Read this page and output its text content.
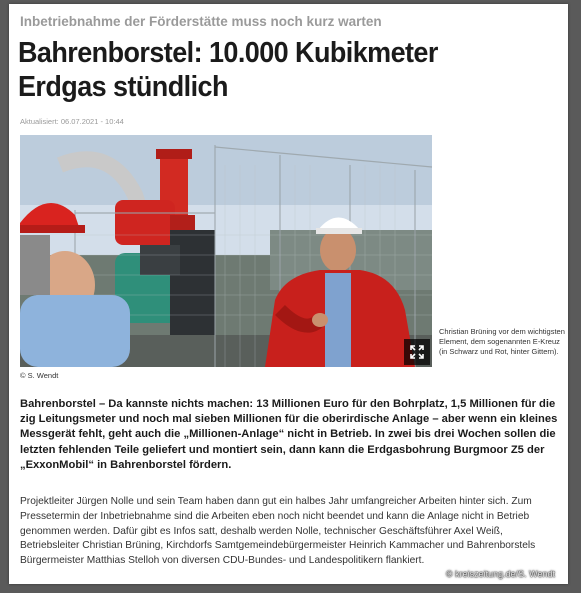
Inbetriebnahme der Förderstätte muss noch kurz warten
Bahrenborstel: 10.000 Kubikmeter Erdgas stündlich
Aktualisiert: 06.07.2021 - 10:44
© S. Wendt
Christian Brüning vor dem wichtigsten Element, dem sogenannten E-Kreuz (in Schwarz und Rot, hinter Gittern).

Bahrenborstel – Da kannste nichts machen: 13 Millionen Euro für den Bohrplatz, 1,5 Millionen für die zig Leitungsmeter und noch mal sieben Millionen für die oberirdische Anlage – aber wenn ein kleines Messgerät fehlt, geht auch die „Millionen-Anlage“ nicht in Betrieb. In zwei bis drei Wochen sollen die letzten fehlenden Teile geliefert und montiert sein, dann kann die Erdgasbohrung Burgmoor Z5 der „ExxonMobil“ in Bahrenborstel fördern.

Projektleiter Jürgen Nolle und sein Team haben dann gut ein halbes Jahr umfangreicher Arbeiten hinter sich. Zum Pressetermin der Inbetriebnahme sind die Arbeiten eben noch nicht beendet und kann die Anlage nicht in Betrieb genommen werden. Dafür gibt es Infos satt, deshalb werden Nolle, technischer Geschäftsführer Axel Weiß, Betriebsleiter Christian Brüning, Kirchdorfs Samtgemeindebürgermeister Heinrich Kammacher und Bahrenborstels Bürgermeister Matthias Stelloh von diversen CDU-Bundes- und Landespolitikern flankiert.

© kreiszeitung.de/S. Wendt
